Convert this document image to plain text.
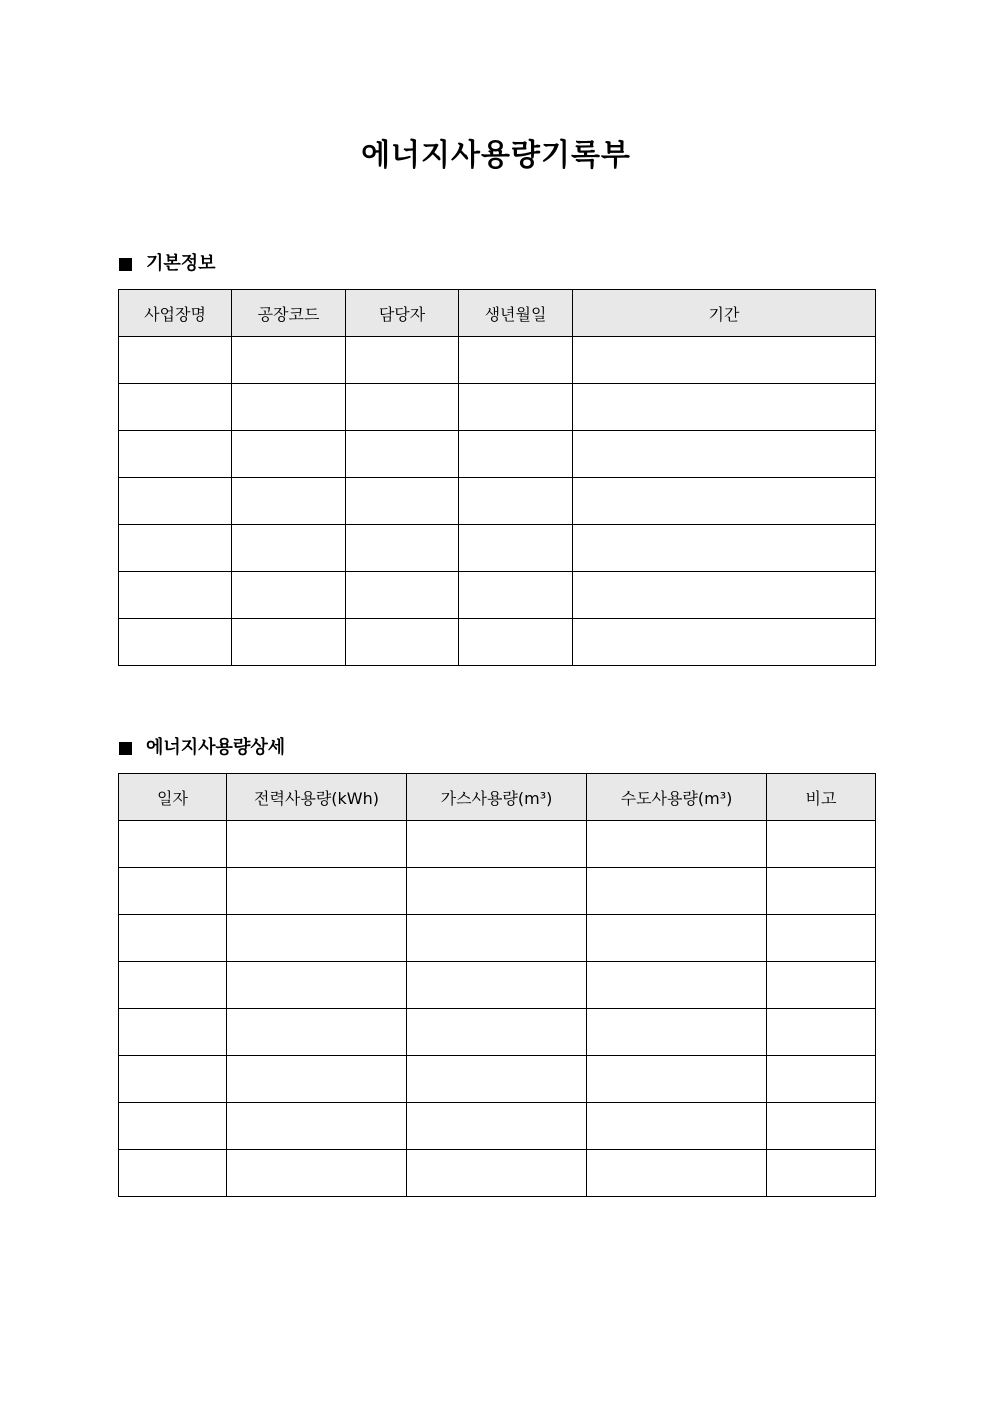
에너지사용량기록부
기본정보
사업장명	공장코드	담당자	생년월일	기간

에너지사용량상세
일자	전력사용량(kWh)	가스사용량(m³)	수도사용량(m³)	비고
